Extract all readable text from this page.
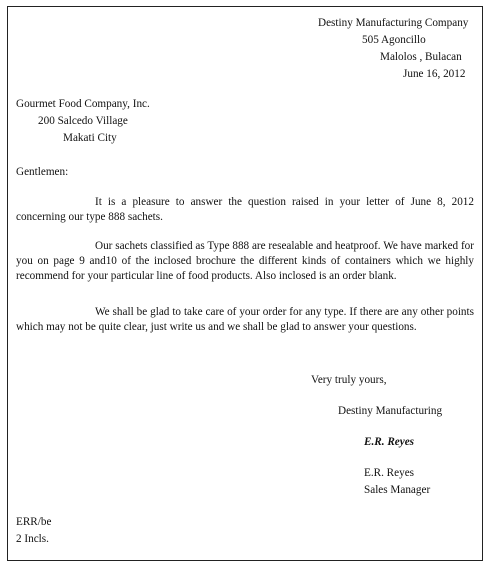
Destiny Manufacturing Company
505 Agoncillo
Malolos , Bulacan
June 16, 2012
Gourmet Food Company, Inc.
200 Salcedo Village
Makati City
Gentlemen:
It is a pleasure to answer the question raised in your letter of June 8, 2012 concerning our type 888 sachets.
Our sachets classified as Type 888 are resealable and heatproof. We have marked for you on page 9 and10 of the inclosed brochure the different kinds of containers which we highly recommend for your particular line of food products. Also inclosed is an order blank.
We shall be glad to take care of your order for any type. If there are any other points which may not be quite clear, just write us and we shall be glad to answer your questions.
Very truly yours,
Destiny Manufacturing
E.R. Reyes
E.R. Reyes
Sales Manager
ERR/be
2 Incls.
